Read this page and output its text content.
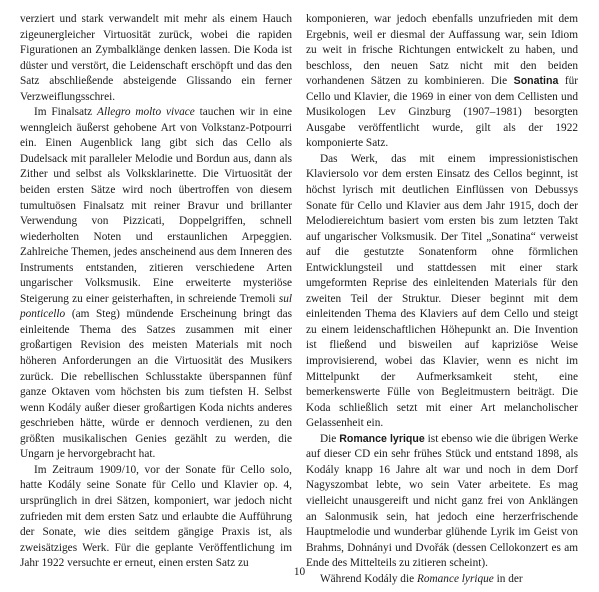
verziert und stark verwandelt mit mehr als einem Hauch zigeunergleicher Virtuosität zurück, wobei die rapiden Figurationen an Zymbalklänge denken lassen. Die Koda ist düster und verstört, die Leidenschaft erschöpft und das den Satz abschließende absteigende Glissando ein ferner Verzweiflungsschrei.

Im Finalsatz Allegro molto vivace tauchen wir in eine wenngleich äußerst gehobene Art von Volkstanz-Potpourri ein. Einen Augenblick lang gibt sich das Cello als Dudelsack mit paralleler Melodie und Bordun aus, dann als Zither und selbst als Volksklarinette. Die Virtuosität der beiden ersten Sätze wird noch übertroffen von diesem tumultuösen Finalsatz mit reiner Bravur und brillanter Verwendung von Pizzicati, Doppelgriffen, schnell wiederholten Noten und erstaunlichen Arpeggien. Zahlreiche Themen, jedes anscheinend aus dem Inneren des Instruments entstanden, zitieren verschiedene Arten ungarischer Volksmusik. Eine erweiterte mysteriöse Steigerung zu einer geisterhaften, in schreiende Tremoli sul ponticello (am Steg) mündende Erscheinung bringt das einleitende Thema des Satzes zusammen mit einer großartigen Revision des meisten Materials mit noch höheren Anforderungen an die Virtuosität des Musikers zurück. Die rebellischen Schlusstakte überspannen fünf ganze Oktaven vom höchsten bis zum tiefsten H. Selbst wenn Kodály außer dieser großartigen Koda nichts anderes geschrieben hätte, würde er dennoch verdienen, zu den größten musikalischen Genies gezählt zu werden, die Ungarn je hervorgebracht hat.

Im Zeitraum 1909/10, vor der Sonate für Cello solo, hatte Kodály seine Sonate für Cello und Klavier op. 4, ursprünglich in drei Sätzen, komponiert, war jedoch nicht zufrieden mit dem ersten Satz und erlaubte die Aufführung der Sonate, wie dies seitdem gängige Praxis ist, als zweisätziges Werk. Für die geplante Veröffentlichung im Jahr 1922 versuchte er erneut, einen ersten Satz zu

komponieren, war jedoch ebenfalls unzufrieden mit dem Ergebnis, weil er diesmal der Auffassung war, sein Idiom zu weit in frische Richtungen entwickelt zu haben, und beschloss, den neuen Satz nicht mit den beiden vorhandenen Sätzen zu kombinieren. Die Sonatina für Cello und Klavier, die 1969 in einer von dem Cellisten und Musikologen Lev Ginzburg (1907–1981) besorgten Ausgabe veröffentlicht wurde, gilt als der 1922 komponierte Satz.

Das Werk, das mit einem impressionistischen Klaviersolo vor dem ersten Einsatz des Cellos beginnt, ist höchst lyrisch mit deutlichen Einflüssen von Debussys Sonate für Cello und Klavier aus dem Jahr 1915, doch der Melodiereichtum basiert vom ersten bis zum letzten Takt auf ungarischer Volksmusik. Der Titel „Sonatina“ verweist auf die gestutzte Sonatenform ohne förmlichen Entwicklungsteil und stattdessen mit einer stark umgeformten Reprise des einleitenden Materials für den zweiten Teil der Struktur. Dieser beginnt mit dem einleitenden Thema des Klaviers auf dem Cello und steigt zu einem leidenschaftlichen Höhepunkt an. Die Invention ist fließend und bisweilen auf kapriziöse Weise improvisierend, wobei das Klavier, wenn es nicht im Mittelpunkt der Aufmerksamkeit steht, eine bemerkenswerte Fülle von Begleitmustern beiträgt. Die Koda schließlich setzt mit einer Art melancholischer Gelassenheit ein.

Die Romance lyrique ist ebenso wie die übrigen Werke auf dieser CD ein sehr frühes Stück und entstand 1898, als Kodály knapp 16 Jahre alt war und noch in dem Dorf Nagyszombat lebte, wo sein Vater arbeitete. Es mag vielleicht unausgereift und nicht ganz frei von Anklängen an Salonmusik sein, hat jedoch eine herzerfrischende Hauptmelodie und wunderbar glühende Lyrik im Geist von Brahms, Dohnányi und Dvořák (dessen Cellokonzert es am Ende des Mittelteils zu zitieren scheint).

Während Kodály die Romance lyrique in der

10
